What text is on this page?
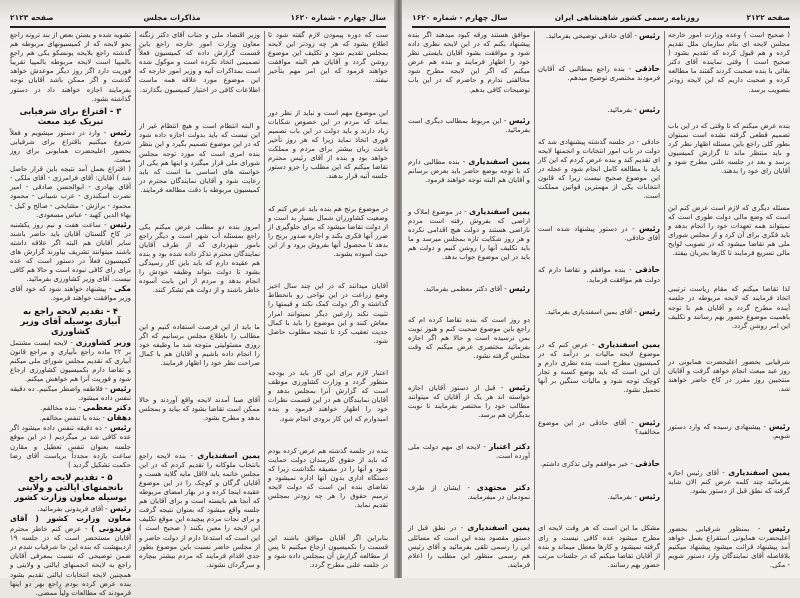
سال چهارم - شماره ۱۶۲۰
مذاکرات مجلس
صفحه ۲۱۲۳

ست که دوره پیمودن لازم گفته شود تا اطلاع بشود که هر چه زودتر این لایحه بمجلس تقدیم شود و تکلیف این موضوع روشن گردد و آقایان هم البته موافقت خواهند فرمود که این امر مهم بتأخیر نیفتد.

این موضوع مهم است و نباید از نظر دور بماند که مردم در این خصوص شکایات زیاد دارند و باید دولت در این باب تصمیم فوری اتخاذ نماید زیرا که هر روز تأخیر باعث زیان بیشتر برای مردم و مملکت خواهد بود و بنده از آقای رئیس محترم تقاضا میکنم که این مطلب را جزو دستور جلسه آتیه قرار بدهند.

در موضوع برنج هم بنده باید عرض کنم که وضعیت کشاورزان شمال بسیار بد است و از دولت تقاضا میشود که برای جلوگیری از ضرر آنها فکری بکند و اجازه صدور برنج را بدهد تا محصول آنها بفروش برود و از این حیث آسوده بشوند.

آقایان میدانند که در این چند سال اخیر وضع زراعت در این نواحی رو بانحطاط گذاشته و اگر دولت کمک نکند و قیمتها را تثبیت نکند زارعین دیگر نمیتوانند امرار معاش کنند و این موضوع را باید با کمال جدیت تعقیب کرد تا نتیجه مطلوب حاصل شود.

اعتبار لازم برای این کار باید در بودجه منظور گردد و وزارت کشاورزی موظف است که گزارش آنرا بمجلس بدهد و آقایان نمایندگان هم در این قسمت نظرات خود را اظهار خواهند فرمود و بنده امیدوارم که این کار بزودی انجام شود.

بنده در جلسه گذشته هم عرض کرده بودم که باید از حقوق کارمندان دولت حمایت شود و آنها را در مضیقه نگذاشت زیرا که دستگاه اداری بدون آنها اداره نمیشود و تقاضای بنده این است که دولت لایحه ترمیم حقوق را هر چه زودتر بمجلس تقدیم نماید.

بنابراین اگر آقایان موافق باشند این قسمت را بکمیسیون ارجاع میکنیم تا پس از مطالعه گزارش آن بمجلس داده شود و در جلسه علنی مطرح گردد.

وزیر اقتصاد ملی و جناب آقای دکتر زنگنه معاون وزارت امور خارجه راجع باین قسمت گزارش داده که کمیسیون فعلاً تصمیمی اتخاذ نکرده است و موکول شده است بمذاکرات آتیه و وزیر امور خارجه که این موضوع مورد علاقه همه ماست اطلاعات کافی در اختیار کمیسیون بگذارند.

و البته انتظام است و هیچ انتظام غیر از این نیست که باید بدولت اجازه داده شود که در این موضوع تصمیم بگیرد و این بنظر بنده امری است که مورد توجه مجلس شورای ملی قرار میگیرد و اینها هم یکی از خواسته های اساسی ما است که باید رعایت شود و آقایان نمایندگان محترم در کمیسیون مربوطه با دقت مطالعه فرمایند.

امروز بنده دو مطلب عرض میکنم یکی راجع بمسئله آب شهر است و دیگر راجع بامور شهرداری که از طرف آقایان نمایندگان محترم تذکر داده شده بود و بنده هم عقیده دارم که باید باین کار رسیدگی بشود تا دولت بتواند وظیفه خودش را انجام بدهد و مردم از این بابت آسوده خاطر باشند و از دولت هم تشکر کنند.

ما باید از این فرصت استفاده کنیم و این مطالب را باطلاع مجلس برسانیم که اگر روزی مسئولیتی متوجه شد ما وظیفه خود را انجام داده باشیم و آقایان هم با کمال صراحت نظر خود را اظهار فرمایند.

آقای صبا آمدند لایحه واقع آوردند و حالا ممکن است تقاضا بشود که بیاید و بمجلس بدهد و مطرح بشود.

یمین اسفندیاری - بنده لایحه راجع بانتخاب ملوکانه را تقدیم کردم که در این مجلس خاتمه یابد لااقل مایه گلایه هست و آقایان گرگان و کوچک را در این موضوع عقیده اینجا کرده و در بهار امضای مربوطه که آنجا هم بایسته است و برای آقایان هم جلسه واقع میشود که بعنوان نتیجه گرفت و برای نجات مردم پیچیده این موقع تکلیف این لایحه را معین بکنند ( صحیح است ) این است که استدعا دارم از دولت حاضر و از مجلس حاضر نسبت باین موضوع بطور جدی اقدام فرمایند که مردم بیشتر بیچاره و سرگردان نشوند.

تشویه شده و بستن بعض از بند ترونه راجع بحو لایحه که از کمیسیونهای مربوطه هم گذشته راجع بلایحه یونسکو یکی هم راجع بالمپیا است لایحه مربوطه بالمپیا تقریباً فوریت دارد اگر روز دیگر موعدش خواهد گذشت و اگر ممکن باشد آقایان توجه بفرمایند اجازه خواهند داد در دستور گذاشته بشود.

۳ - اقتراع برای شرفیابی تبریک عید مبعث

رئیس - وارد در دستور میشویم و فعلاً شروع میکنیم باقتراع برای شرفیابی بحضور اعلیحضرت همایونی برای روز مبعث.

( اقتراع بعمل آمد نتیجه باین قرار حاصل شد ) آقایان: آقای فرامرزی - آقای ملکی - آقای بهادری - ابوالحسن صادقی - امیر نصرت اسکندری - عرب شیبانی - محمود محمود - برازش - مشایخی - صالح و کیل - بهاء الدین کهبد - عباس مسعودی.

رئیس - ساعت هفت و نیم روز یکشنبه در کاخ گلستان آقایان باید حاضر باشند سایر آقایان هم البته اگر علاقه داشته باشند میتوانند تشریف بیاورند گزارش های کمیسیون فعلاً در دستور است که عده برای رای کافی نبوده است و حالا هم کافی نیست. آقای وزیر کشاورزی بفرمائید.

مکی - پیشنهاد خواهند شود که خود آقای وزیر موافقت خواهند فرمود.

۴ - تقدیم لایحه راجع به آبیاری بوسیله آقای وزیر کشاورزی

وزیر کشاورزی - لایحه ایست مشتمل بر ۲۲ ماده راجع بآبیاری و مراجع قانون آبیاری که تقدیم مجلس شورای ملی میکنم و تقاضا دارم بکمیسیون کشاورزی ارجاع شود و فوریت آنرا هم خواهش میکنم.

رئیس - فلاطفه واصطر میکنیم. ده دقیقه تنفس داده میشود.

دکتر معظمی - بنده مخالفم.

دهقان - بنده با تنفس مخالفم.

رئیس - ده دقیقه تنفس داده میشود اگر عده کافی شد بر میگردیم ( در این موقع جلسه بعنوان تنفس تعطیل و مقارن ساعت یازده مجدداً بریاست آقای رضا حکمت تشکیل گردید )

۵ - تقدیم لایحه راجع بانجمنهای ایالتی و ولایتی بوسیله معاون وزارت کشور

رئیس - آقای فریدونی بفرمائید.

معاون وزارت کشور ( آقای فریدونی ) - عرض کنم خاطر محترم آقایان مستحضر است که در جلسه ۱۹ اردیبهشت که بنده این جا شرفیاب شدم در ضمن توضیحی که نسبت بمعرفی آقایان راجع به لایحه انجمنهای ایالتی و ولایتی و همچنین لایحه انتخابات ایالتی تقدیم بشود بنده عرض کرده بودم راجع بهر دو اینها فرمودند که مطالعات ولیاً ممضی.

صفحه ۲۱۲۲
روزنامه رسمی کشور شاهنشاهی ایران
سال چهارم - شماره ۱۶۲۰

( صحیح است ) وعده وزارت امور خارجه مجلس لایحه ای بنام سازمان ملل تقدیم کرده و هم قبول کرده که تقدیم بشود ( صحیح است ) وقتی نماینده آقای دکتر بقائی با بنده صحبت کردند گفتند ما مطالعه کرده و صحبت داریم که این لایحه زودتر بتصویب برسد.

بنده عرض میکنم که تا وقتی که در این باب تصمیم قطعی گرفته نشده است نمیتوان بطور کلی راجع باین مسئله اظهار نظر کرد و باید منتظر ماند تا گزارش کمیسیون برسد و بعد در جلسه علنی مطرح شود و آقایان رای خود را بدهند.

مسئله دیگری که لازم است عرض کنم این است که وضع مالی دولت طوری است که نمیتواند همه تعهدات خود را انجام بدهد و باید فکری برای آن کرد و از مجلس شورای ملی هم تقاضا میشود که در تصویب لوایح مالی تسریع فرمایند تا کارها بجریان بیفتد.

لذا تقاضا میکنم که مقام ریاست ترتیبی اتخاذ فرمایند که لایحه مربوطه در جلسه آینده مطرح گردد و آقایان هم با توجه باهمیت موضوع حضور بهم رسانند و تکلیف این امر روشن گردد.

شرفیابی بحضور اعلیحضرت همایونی در روز عید مبعث انجام خواهد گرفت و آقایان منتخبین روز مقرر در کاخ حاضر خواهند شد.

رئیس - پیشنهادی رسیده که وارد دستور شویم.

یمین اسفندیاری - آقای رئیس اجازه بفرمائید چند کلمه عرض کنم الان شاید گرفته که نطق قبل از دستور بشود.

رئیس - بمنظور شرفیابی بحضور اعلیحضرت همایونی استقراع بعمل خواهد آمد پیشنهاد قرائت میشود پیشنهاد میکنیم بلافاصله آقای نمایندگان وارد دستور شویم - مکی.

رئیس - آقای حاذقی توضیحی بفرمائید.

حاذقی - بنده راجع بمطالبی که آقایان فرمودند مختصری توضیح میدهم.

رئیس - بفرمائید.

حاذقی - در جلسه گذشته پیشنهادی شد که دولت در باب امور انتخابات و انجمنها لایحه ای تقدیم کند و بنده عرض کردم که این کار باید با مطالعه کامل انجام شود و عجله در این موضوع صحیح نیست زیرا که قانون انتخابات یکی از مهمترین قوانین مملکت است.

رئیس - در دستور پیشنهاد شده است آقای حاذقی.

حاذقی - بنده موافقم و تقاضا دارم که دولت هم موافقت فرماید.

رئیس - آقای یمین اسفندیاری بفرمائید.

یمین اسفندیاری - عرض کنم که در موضوع لایحه مالیات بر درآمد که در کمیسیون مطرح است بنده نظری دارم و آن این است که باید بوضع کسبه و تجار کوچک توجه شود و مالیات سنگین بر آنها تحمیل نشود.

رئیس - آقای حاذقی در این موضوع مخالفید؟

حاذقی - خیر موافقم ولی تذکری داشتم.

رئیس - بفرمائید.

مشکل ما این است که هر وقت لایحه ای مطرح میشود عده کافی نیست و رای گرفته نمیشود و کارها معطل میماند و بنده از آقایان تقاضا میکنم که در جلسات مرتب حضور بهم رسانند.

موافق هستند ورقه کبود میدهند اگر بنده پیشنهاد بکنم که در این لایحه نظری داده شود و موافقت بشود آقایان بایستی نظر خود را اظهار فرمایند و بنده هم عرض میکنم که اگر این لایحه مطرح شود مخالفتی ندارم و حاضرم که در این باب توضیحات کافی بدهم.

رئیس - این مربوط بمطالب دیگری است بفرمائید.

یمین اسفندیاری - بنده مطالبی دارم که با توجه بوضع حاضر باید بعرض برسانم و آقایان هم البته توجه خواهند فرمود.

یمین اسفندیاری - در موضوع املاک و اراضی که بفروش رفته است مردم ناراضی هستند و دولت هیچ اقدامی نکرده و هر روز شکایت تازه بمجلس میرسد و ما باید تکلیف آنها را روشن کنیم و دولت هم باید در این موضوع جواب بدهد.

رئیس - آقای دکتر معظمی بفرمائید.

دو روز است که بنده تقاضا کرده ام که راجع باین موضوع صحبت کنم و هنوز نوبت بمن نرسیده است و حالا هم اگر اجازه بفرمائید مختصری عرض میکنم که وقت مجلس گرفته نشود.

رئیس - قبل از دستور آقایان اجازه خواسته اند هر یک از آقایان که میتوانند مطالب خود را مختصر بفرمایند تا نوبت بدیگران هم برسد.

دکتر اعتبار - لایحه ای مهم دولت ملی آورده است.

دکتر مجتهدی - ایشان از طرف نمودمان در میفرمایند.

یمین اسفندیاری - در نطق قبل از دستور مقصود بنده این است که مسائلی این را رسمی تلقی بفرمائید و آقای رئیس هم رسمی منظور این مطلب را اعلام فرمایند.
